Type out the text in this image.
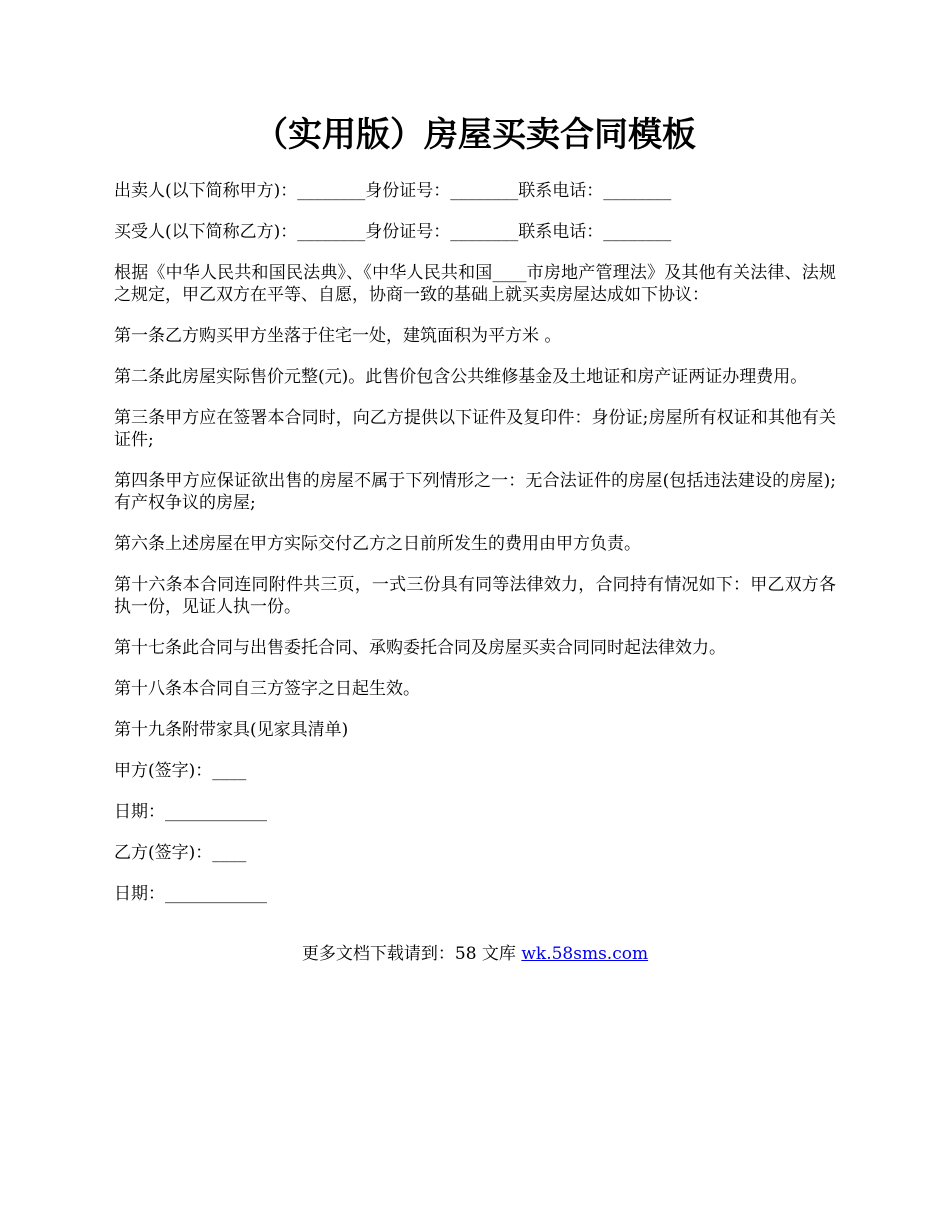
（实用版）房屋买卖合同模板

出卖人(以下简称甲方)：________身份证号：________联系电话：________

买受人(以下简称乙方)：________身份证号：________联系电话：________

根据《中华人民共和国民法典》、《中华人民共和国____市房地产管理法》及其他有关法律、法规之规定，甲乙双方在平等、自愿，协商一致的基础上就买卖房屋达成如下协议：

第一条乙方购买甲方坐落于住宅一处，建筑面积为平方米 。

第二条此房屋实际售价元整(元)。此售价包含公共维修基金及土地证和房产证两证办理费用。

第三条甲方应在签署本合同时，向乙方提供以下证件及复印件：身份证;房屋所有权证和其他有关证件;

第四条甲方应保证欲出售的房屋不属于下列情形之一：无合法证件的房屋(包括违法建设的房屋);有产权争议的房屋;

第六条上述房屋在甲方实际交付乙方之日前所发生的费用由甲方负责。

第十六条本合同连同附件共三页，一式三份具有同等法律效力，合同持有情况如下：甲乙双方各执一份，见证人执一份。

第十七条此合同与出售委托合同、承购委托合同及房屋买卖合同同时起法律效力。

第十八条本合同自三方签字之日起生效。

第十九条附带家具(见家具清单)

甲方(签字)：____

日期：____________

乙方(签字)：____

日期：____________

更多文档下载请到：58 文库 wk.58sms.com
